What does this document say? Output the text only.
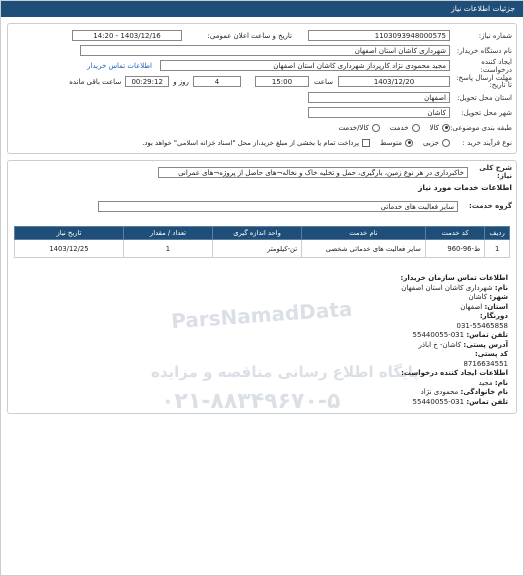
جزئیات اطلاعات نیاز
شماره نیاز:
1103093948000575
تاریخ و ساعت اعلان عمومی:
1403/12/16 - 14:20
نام دستگاه خریدار:
شهرداری کاشان استان اصفهان
ایجاد کننده درخواست:
مجید محمودی نژاد کارپرداز شهرداری کاشان استان اصفهان
اطلاعات تماس خریدار
مهلت ارسال پاسخ: تا تاریخ:
1403/12/20
ساعت
15:00
4
روز و
00:29:12
ساعت باقی مانده
استان محل تحویل:
اصفهان
شهر محل تحویل:
کاشان
طبقه بندی موضوعی:
کالا
خدمت
کالا/خدمت
نوع فرآیند خرید :
جزیی
متوسط
پرداخت تمام یا بخشی از مبلغ خرید،از محل "اسناد خزانه اسلامی" خواهد بود.
شرح کلی نیاز:
خاکبرداری در هر نوع زمین، بارگیری، حمل و تخلیه خاک و نخاله¬های حاصل از پروژه¬های عمرانی
اطلاعات خدمات مورد نیاز
گروه خدمت:
سایر فعالیت های خدماتی
ردیف	کد خدمت	نام خدمت	واحد اندازه گیری	تعداد / مقدار	تاریخ نیاز
1	ط-96-960	سایر فعالیت های خدماتی شخصی	تن-کیلومتر	1	1403/12/25

اطلاعات تماس سازمان خریدار:

نام: شهرداری کاشان استان اصفهان

شهر: کاشان

استان: اصفهان

دورنگار:
031-55465858

تلفن تماس: 031-55440055

آدرس پستی: کاشان- خ اباذر

کد پستی:
8716634551

اطلاعات ایجاد کننده درخواست:

نام: مجید

نام خانوادگی: محمودی نژاد

تلفن تماس: 031-55440055

ParsNamadData
پایگاه اطلاع رسانی مناقصه و مزایده
۰۲۱-۸۸۳۴۹۶۷۰-۵
